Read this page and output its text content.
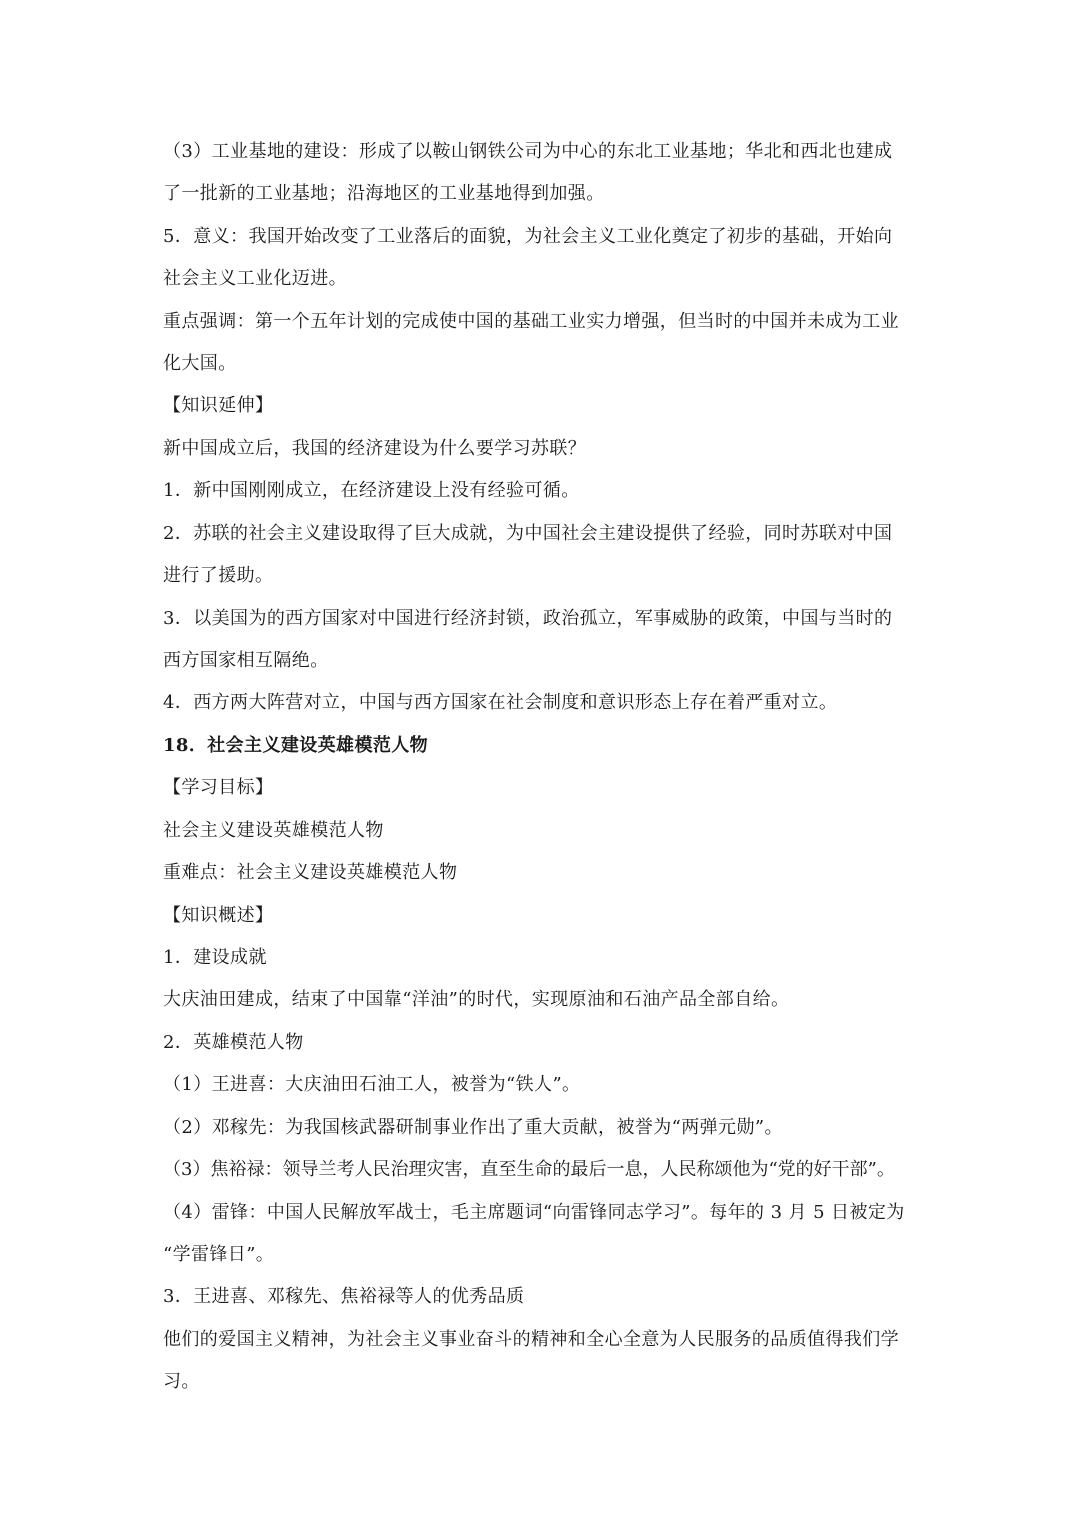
（3）工业基地的建设：形成了以鞍山钢铁公司为中心的东北工业基地；华北和西北也建成
了一批新的工业基地；沿海地区的工业基地得到加强。
5．意义：我国开始改变了工业落后的面貌，为社会主义工业化奠定了初步的基础，开始向
社会主义工业化迈进。
重点强调：第一个五年计划的完成使中国的基础工业实力增强，但当时的中国并未成为工业
化大国。
【知识延伸】
新中国成立后，我国的经济建设为什么要学习苏联？
1．新中国刚刚成立，在经济建设上没有经验可循。
2．苏联的社会主义建设取得了巨大成就，为中国社会主建设提供了经验，同时苏联对中国
进行了援助。
3．以美国为的西方国家对中国进行经济封锁，政治孤立，军事威胁的政策，中国与当时的
西方国家相互隔绝。
4．西方两大阵营对立，中国与西方国家在社会制度和意识形态上存在着严重对立。
18．社会主义建设英雄模范人物
【学习目标】
社会主义建设英雄模范人物
重难点：社会主义建设英雄模范人物
【知识概述】
1．建设成就
大庆油田建成，结束了中国靠“洋油”的时代，实现原油和石油产品全部自给。
2．英雄模范人物
（1）王进喜：大庆油田石油工人，被誉为“铁人”。
（2）邓稼先：为我国核武器研制事业作出了重大贡献，被誉为“两弹元勋”。
（3）焦裕禄：领导兰考人民治理灾害，直至生命的最后一息，人民称颂他为“党的好干部”。
（4）雷锋：中国人民解放军战士，毛主席题词“向雷锋同志学习”。每年的 3 月 5 日被定为
“学雷锋日”。
3．王进喜、邓稼先、焦裕禄等人的优秀品质
他们的爱国主义精神，为社会主义事业奋斗的精神和全心全意为人民服务的品质值得我们学
习。
